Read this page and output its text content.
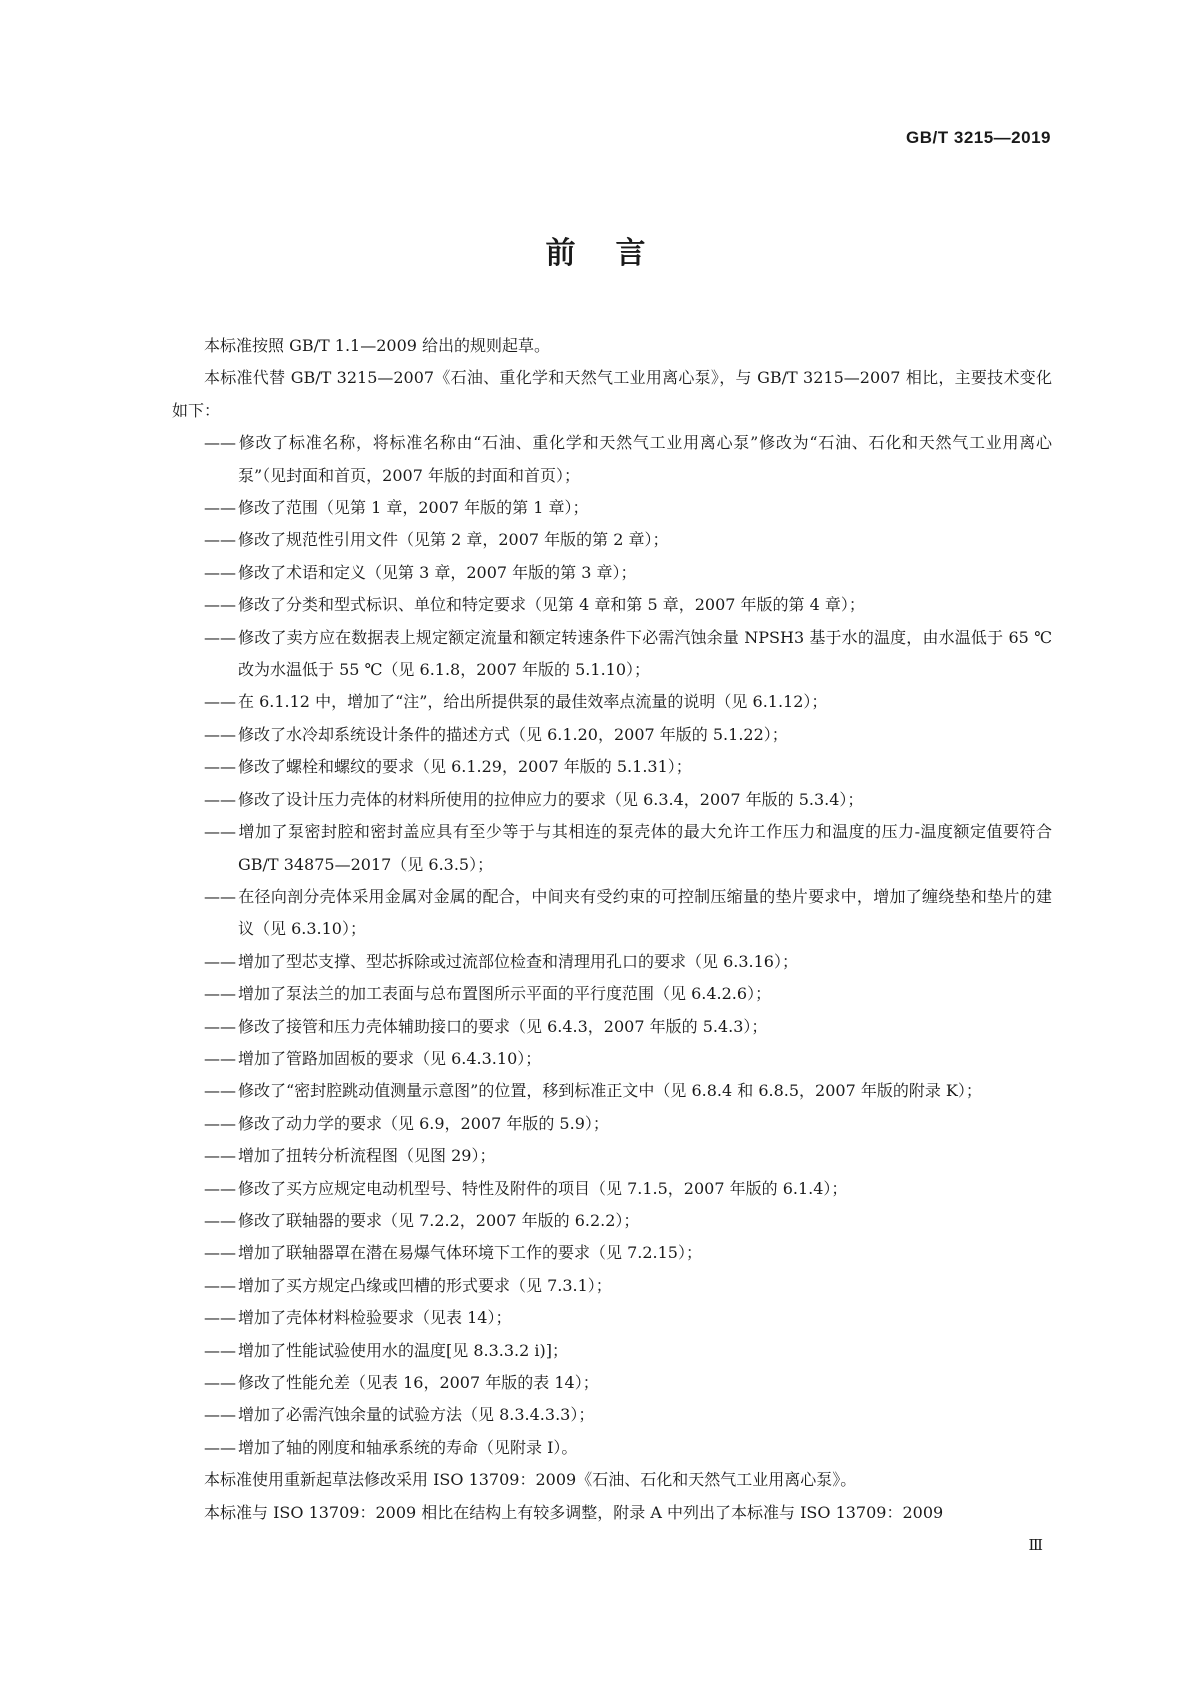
GB/T 3215—2019
前言

本标准按照 GB/T 1.1—2009 给出的规则起草。

本标准代替 GB/T 3215—2007《石油、重化学和天然气工业用离心泵》，与 GB/T 3215—2007 相比，主要技术变化如下：

—— 修改了标准名称，将标准名称由“石油、重化学和天然气工业用离心泵”修改为“石油、石化和天然气工业用离心泵”（见封面和首页，2007 年版的封面和首页）；
—— 修改了范围（见第 1 章，2007 年版的第 1 章）；
—— 修改了规范性引用文件（见第 2 章，2007 年版的第 2 章）；
—— 修改了术语和定义（见第 3 章，2007 年版的第 3 章）；
—— 修改了分类和型式标识、单位和特定要求（见第 4 章和第 5 章，2007 年版的第 4 章）；
—— 修改了卖方应在数据表上规定额定流量和额定转速条件下必需汽蚀余量 NPSH3 基于水的温度，由水温低于 65 ℃改为水温低于 55 ℃（见 6.1.8，2007 年版的 5.1.10）；
—— 在 6.1.12 中，增加了“注”，给出所提供泵的最佳效率点流量的说明（见 6.1.12）；
—— 修改了水冷却系统设计条件的描述方式（见 6.1.20，2007 年版的 5.1.22）；
—— 修改了螺栓和螺纹的要求（见 6.1.29，2007 年版的 5.1.31）；
—— 修改了设计压力壳体的材料所使用的拉伸应力的要求（见 6.3.4，2007 年版的 5.3.4）；
—— 增加了泵密封腔和密封盖应具有至少等于与其相连的泵壳体的最大允许工作压力和温度的压力-温度额定值要符合 GB/T 34875—2017（见 6.3.5）；
—— 在径向剖分壳体采用金属对金属的配合，中间夹有受约束的可控制压缩量的垫片要求中，增加了缠绕垫和垫片的建议（见 6.3.10）；
—— 增加了型芯支撑、型芯拆除或过流部位检查和清理用孔口的要求（见 6.3.16）；
—— 增加了泵法兰的加工表面与总布置图所示平面的平行度范围（见 6.4.2.6）；
—— 修改了接管和压力壳体辅助接口的要求（见 6.4.3，2007 年版的 5.4.3）；
—— 增加了管路加固板的要求（见 6.4.3.10）；
—— 修改了“密封腔跳动值测量示意图”的位置，移到标准正文中（见 6.8.4 和 6.8.5，2007 年版的附录 K）；
—— 修改了动力学的要求（见 6.9，2007 年版的 5.9）；
—— 增加了扭转分析流程图（见图 29）；
—— 修改了买方应规定电动机型号、特性及附件的项目（见 7.1.5，2007 年版的 6.1.4）；
—— 修改了联轴器的要求（见 7.2.2，2007 年版的 6.2.2）；
—— 增加了联轴器罩在潜在易爆气体环境下工作的要求（见 7.2.15）；
—— 增加了买方规定凸缘或凹槽的形式要求（见 7.3.1）；
—— 增加了壳体材料检验要求（见表 14）；
—— 增加了性能试验使用水的温度[见 8.3.3.2 i)]；
—— 修改了性能允差（见表 16，2007 年版的表 14）；
—— 增加了必需汽蚀余量的试验方法（见 8.3.4.3.3）；
—— 增加了轴的刚度和轴承系统的寿命（见附录 I）。

本标准使用重新起草法修改采用 ISO 13709：2009《石油、石化和天然气工业用离心泵》。

本标准与 ISO 13709：2009 相比在结构上有较多调整，附录 A 中列出了本标准与 ISO 13709：2009

Ⅲ
